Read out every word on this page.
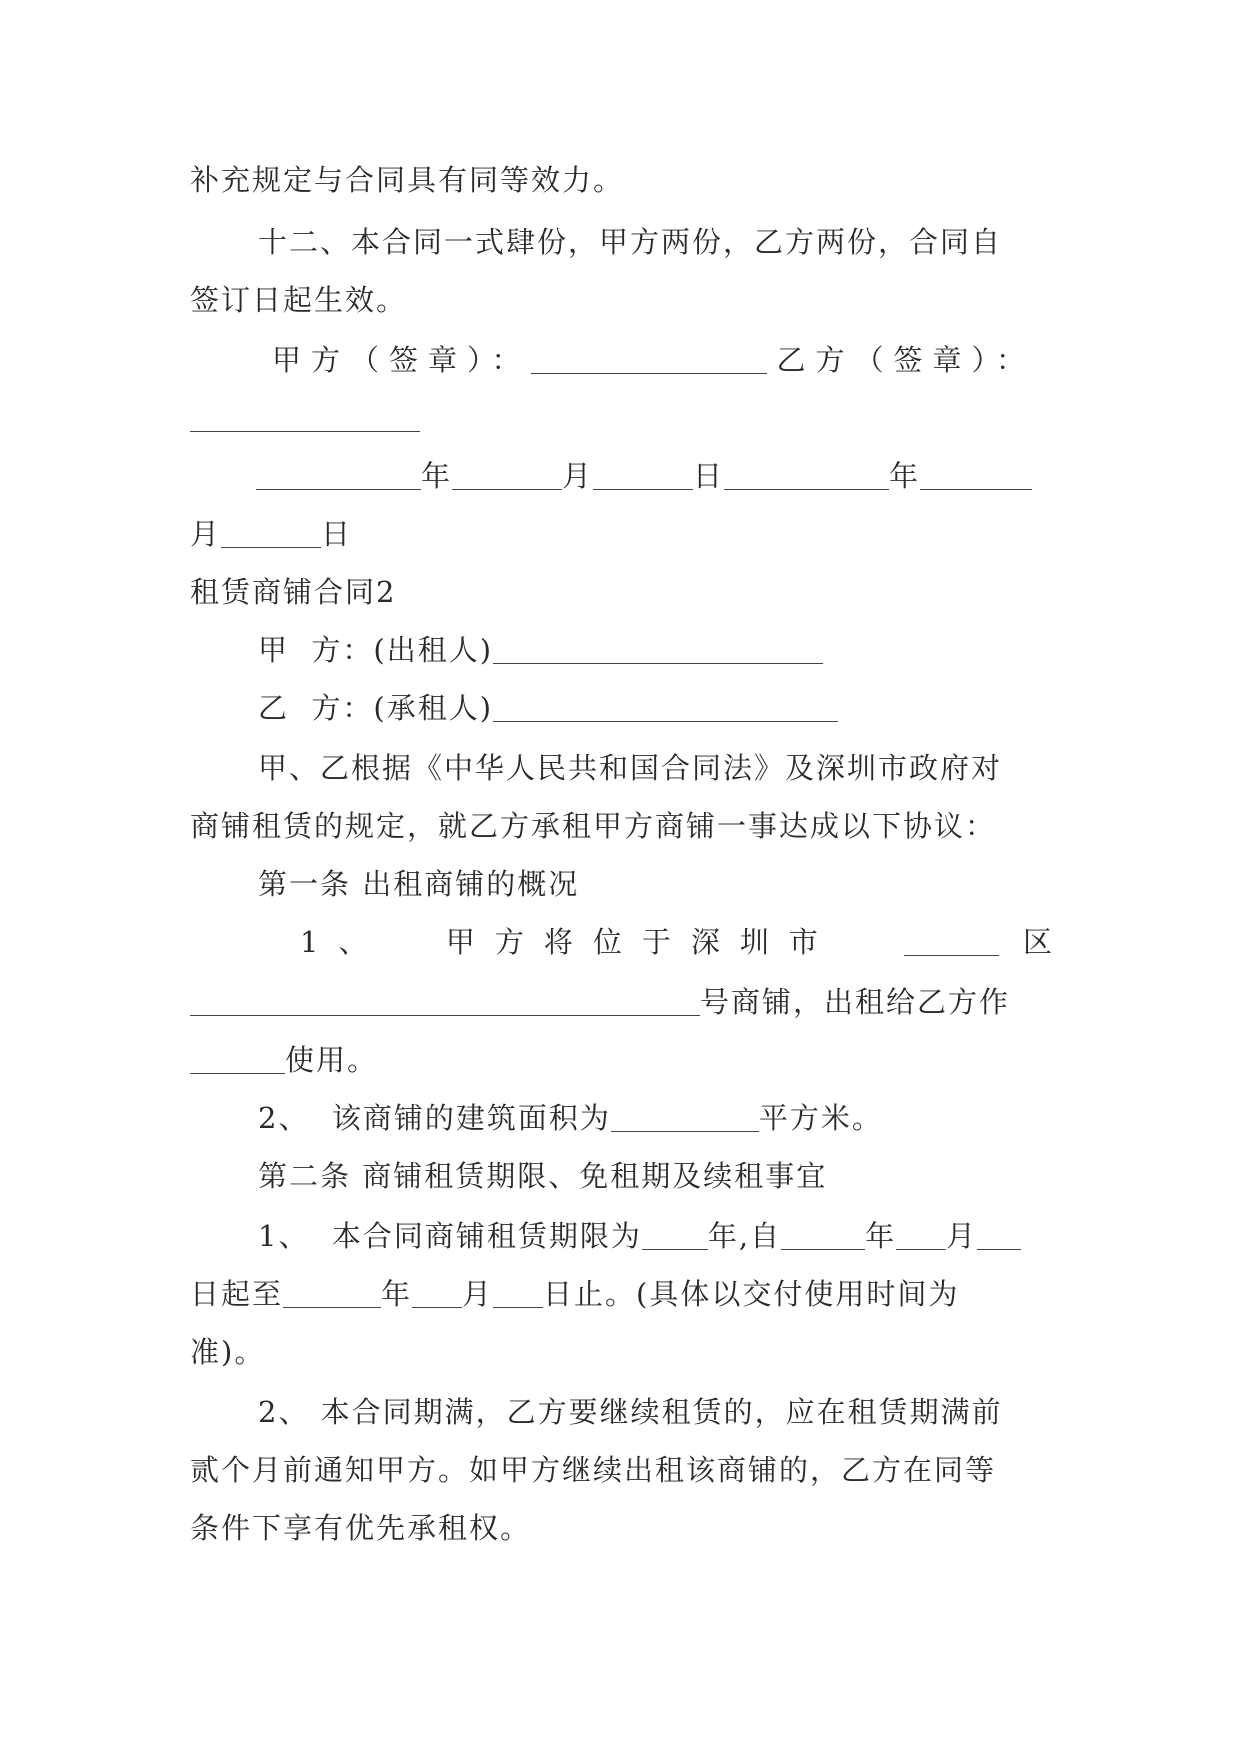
补充规定与合同具有同等效力。
十二、本合同一式肆份，甲方两份，乙方两份，合同自
签订日起生效。
甲方（签章）：	乙方（签章）：
年	月	日	年
月	日
租赁商铺合同2
甲  方：(出租人)
乙  方：(承租人)
甲、乙根据《中华人民共和国合同法》及深圳市政府对
商铺租赁的规定，就乙方承租甲方商铺一事达成以下协议：
第一条 出租商铺的概况
1、  甲方将位于深圳市	区
号商铺，出租给乙方作
使用。
2、  该商铺的建筑面积为	平方米。
第二条 商铺租赁期限、免租期及续租事宜
1、  本合同商铺租赁期限为 年,自	年 月
日起至	年 月 日止。(具体以交付使用时间为
准)。
2、 本合同期满，乙方要继续租赁的，应在租赁期满前
贰个月前通知甲方。如甲方继续出租该商铺的，乙方在同等
条件下享有优先承租权。
